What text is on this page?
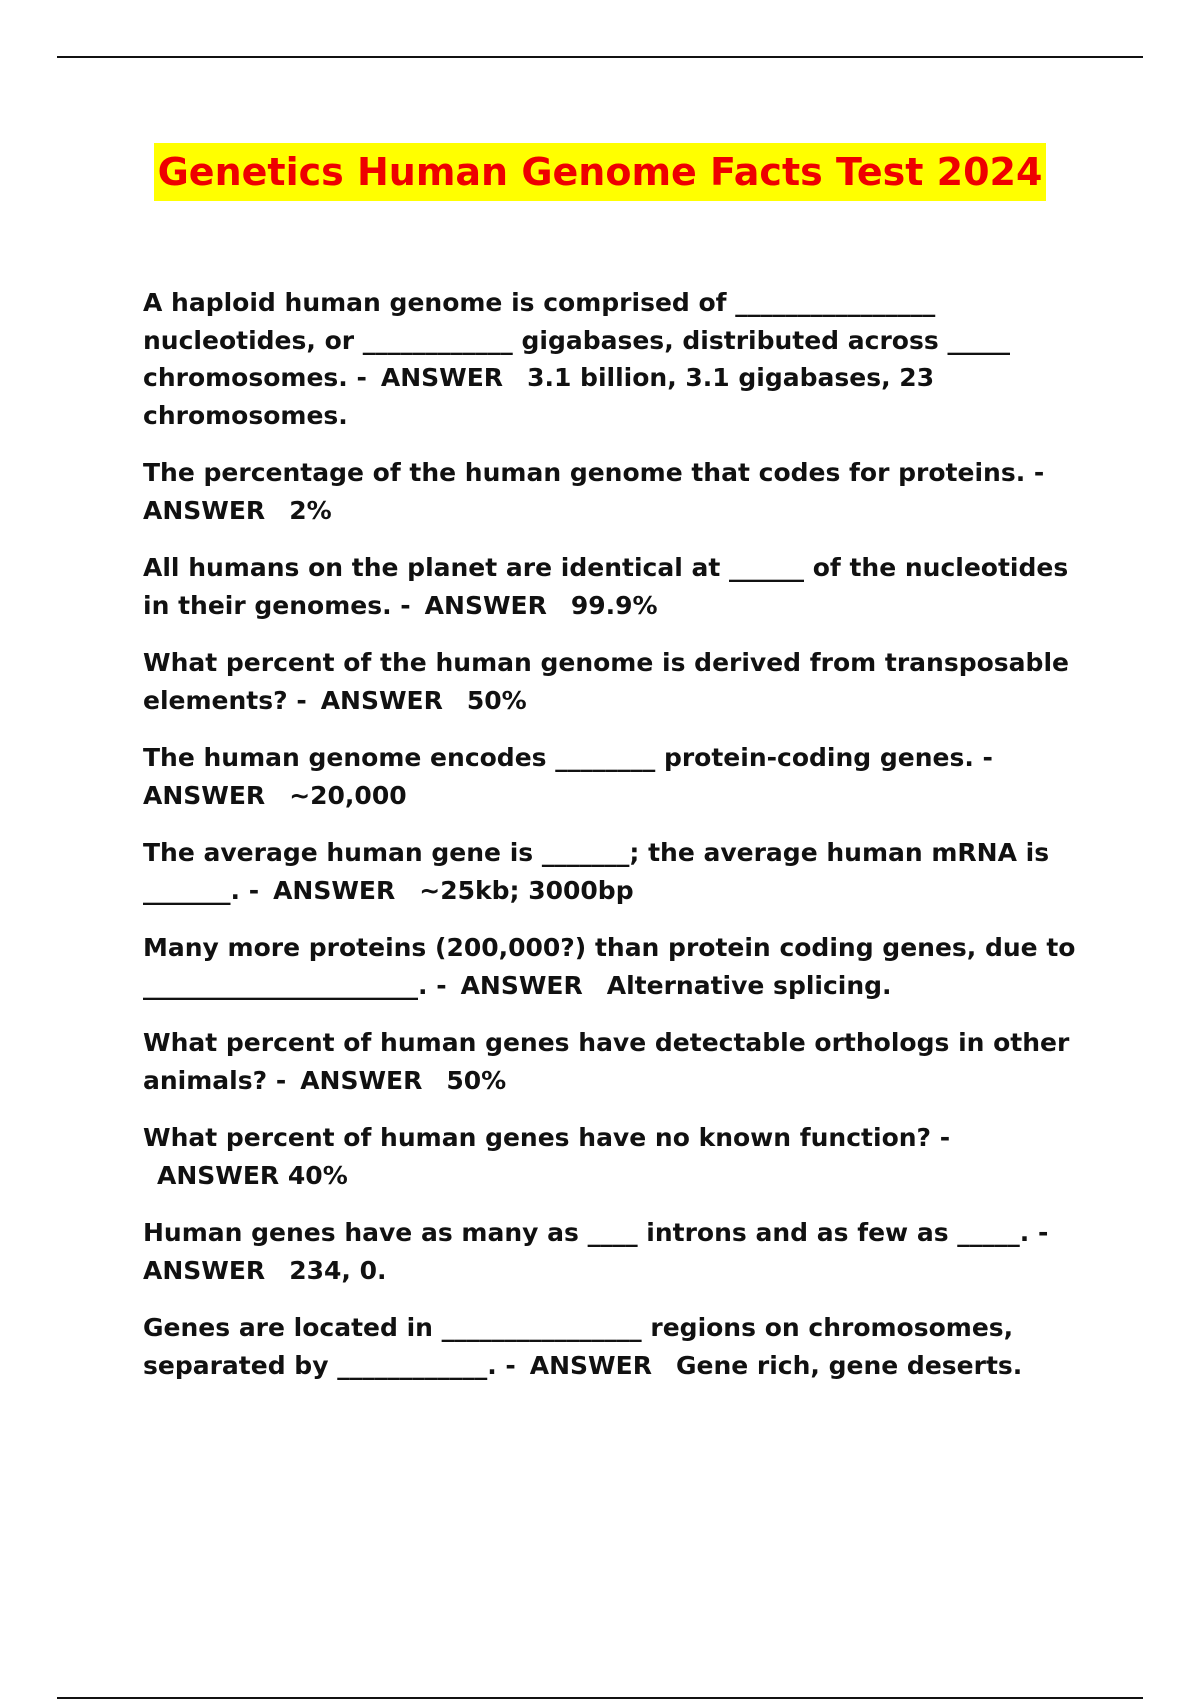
Genetics Human Genome Facts Test 2024
A haploid human genome is comprised of ________________ nucleotides, or ____________ gigabases, distributed across _____ chromosomes. - ANSWER 3.1 billion, 3.1 gigabases, 23 chromosomes.
The percentage of the human genome that codes for proteins. - ANSWER 2%
All humans on the planet are identical at ______ of the nucleotides in their genomes. - ANSWER 99.9%
What percent of the human genome is derived from transposable elements? - ANSWER 50%
The human genome encodes ________ protein-coding genes. - ANSWER ~20,000
The average human gene is _______; the average human mRNA is _______. - ANSWER ~25kb; 3000bp
Many more proteins (200,000?) than protein coding genes, due to ______________________. - ANSWER Alternative splicing.
What percent of human genes have detectable orthologs in other animals? - ANSWER 50%
What percent of human genes have no known function? -ANSWER 40%
Human genes have as many as ____ introns and as few as _____. - ANSWER 234, 0.
Genes are located in ________________ regions on chromosomes, separated by ____________. - ANSWER Gene rich, gene deserts.
